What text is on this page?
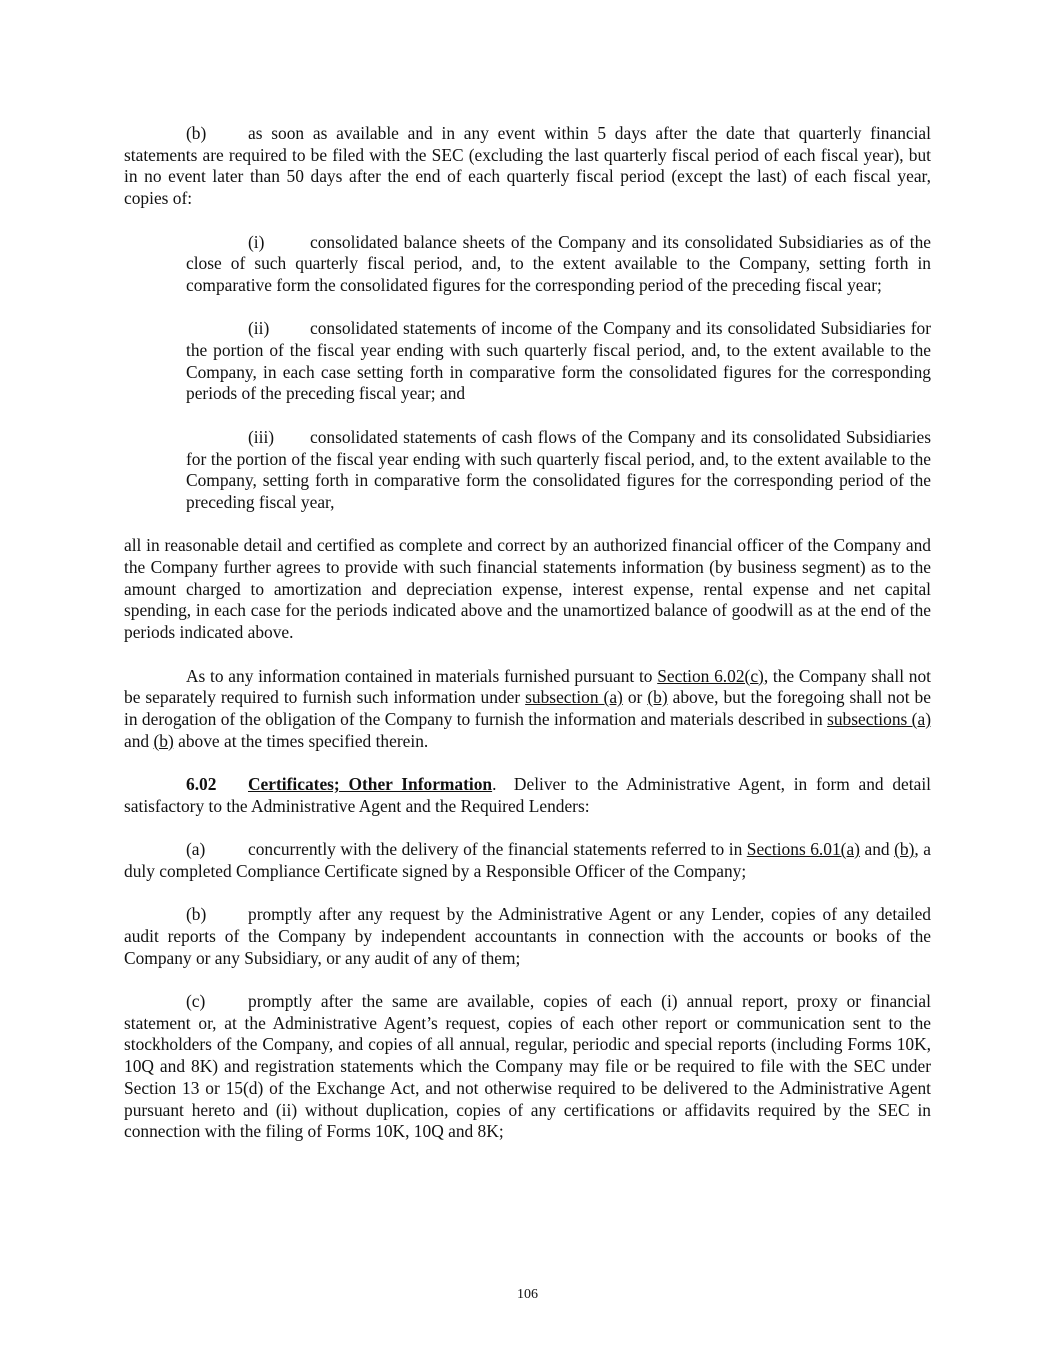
(b) as soon as available and in any event within 5 days after the date that quarterly financial statements are required to be filed with the SEC (excluding the last quarterly fiscal period of each fiscal year), but in no event later than 50 days after the end of each quarterly fiscal period (except the last) of each fiscal year, copies of:

(i)	consolidated balance sheets of the Company and its consolidated Subsidiaries as of the close of such quarterly fiscal period, and, to the extent available to the Company, setting forth in comparative form the consolidated figures for the corresponding period of the preceding fiscal year;

(ii) consolidated statements of income of the Company and its consolidated Subsidiaries for the portion of the fiscal year ending with such quarterly fiscal period, and, to the extent available to the Company, in each case setting forth in comparative form the consolidated figures for the corresponding periods of the preceding fiscal year; and

(iii) consolidated statements of cash flows of the Company and its consolidated Subsidiaries for the portion of the fiscal year ending with such quarterly fiscal period, and, to the extent available to the Company, setting forth in comparative form the consolidated figures for the corresponding period of the preceding fiscal year,

all in reasonable detail and certified as complete and correct by an authorized financial officer of the Company and the Company further agrees to provide with such financial statements information (by business segment) as to the amount charged to amortization and depreciation expense, interest expense, rental expense and net capital spending, in each case for the periods indicated above and the unamortized balance of goodwill as at the end of the periods indicated above.

As to any information contained in materials furnished pursuant to Section 6.02(c), the Company shall not be separately required to furnish such information under subsection (a) or (b) above, but the foregoing shall not be in derogation of the obligation of the Company to furnish the information and materials described in subsections (a) and (b) above at the times specified therein.

6.02 Certificates; Other Information.  Deliver to the Administrative Agent, in form and detail satisfactory to the Administrative Agent and the Required Lenders:

(a) concurrently with the delivery of the financial statements referred to in Sections 6.01(a) and (b), a duly completed Compliance Certificate signed by a Responsible Officer of the Company;

(b) promptly after any request by the Administrative Agent or any Lender, copies of any detailed audit reports of the Company by independent accountants in connection with the accounts or books of the Company or any Subsidiary, or any audit of any of them;

(c) promptly after the same are available, copies of each (i) annual report, proxy or financial statement or, at the Administrative Agent’s request, copies of each other report or communication sent to the stockholders of the Company, and copies of all annual, regular, periodic and special reports (including Forms 10K, 10Q and 8K) and registration statements which the Company may file or be required to file with the SEC under Section 13 or 15(d) of the Exchange Act, and not otherwise required to be delivered to the Administrative Agent pursuant hereto and (ii) without duplication, copies of any certifications or affidavits required by the SEC in connection with the filing of Forms 10K, 10Q and 8K;

106
